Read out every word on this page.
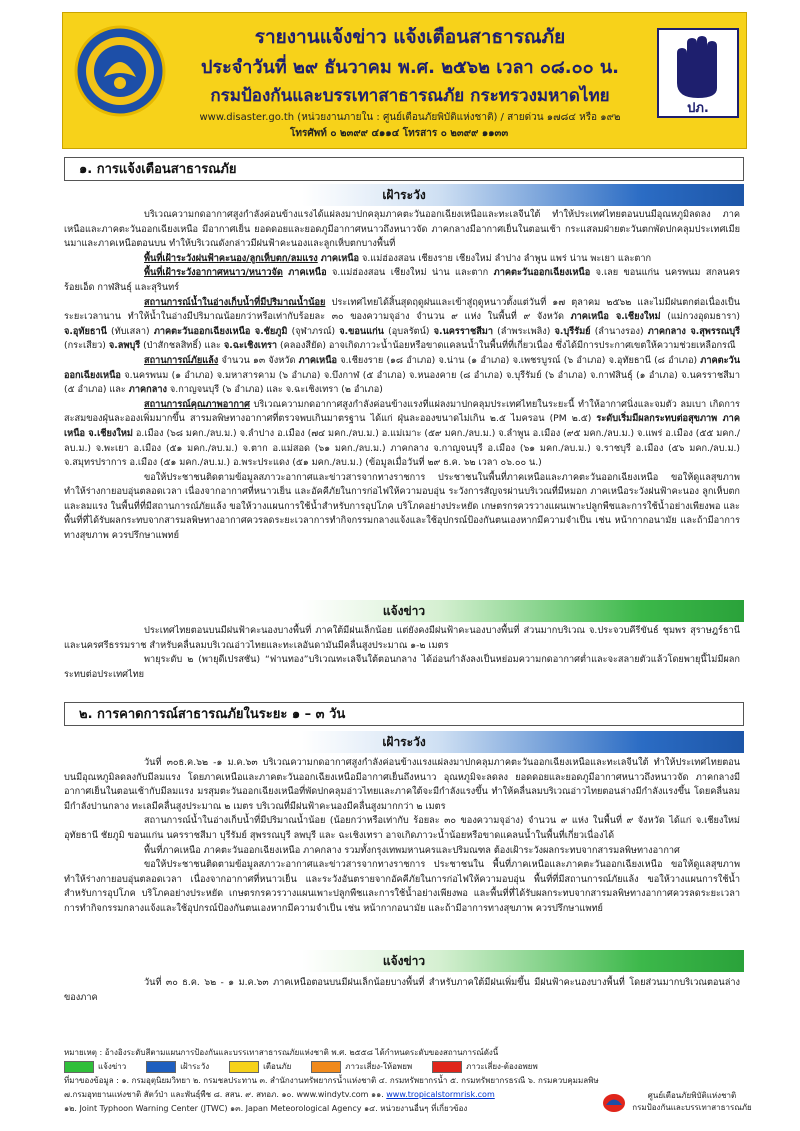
ปภ.
รายงานแจ้งข่าว แจ้งเตือนสาธารณภัย
ประจำวันที่ ๒๙ ธันวาคม พ.ศ. ๒๕๖๒ เวลา ๐๘.๐๐ น.
กรมป้องกันและบรรเทาสาธารณภัย กระทรวงมหาดไทย
www.disaster.go.th (หน่วยงานภายใน : ศูนย์เตือนภัยพิบัติแห่งชาติ) / สายด่วน ๑๗๘๔ หรือ ๑๙๒
โทรศัพท์ ๐ ๒๓๙๙ ๔๑๑๔ โทรสาร ๐ ๒๓๙๙ ๑๑๓๓
๑. การแจ้งเตือนสาธารณภัย
เฝ้าระวัง

บริเวณความกดอากาศสูงกำลังค่อนข้างแรงได้แผ่ลงมาปกคลุมภาคตะวันออกเฉียงเหนือและทะเลจีนใต้ ทำให้ประเทศไทยตอนบนมีอุณหภูมิลดลง ภาคเหนือและภาคตะวันออกเฉียงเหนือ มีอากาศเย็น ยอดดอยและยอดภูมีอากาศหนาวถึงหนาวจัด ภาคกลางมีอากาศเย็นในตอนเช้า กระแสลมฝ่ายตะวันตกพัดปกคลุมประเทศเมียนมาและภาคเหนือตอนบน ทำให้บริเวณดังกล่าวมีฝนฟ้าคะนองและลูกเห็บตกบางพื้นที่

พื้นที่เฝ้าระวังฝนฟ้าคะนอง/ลูกเห็บตก/ลมแรง ภาคเหนือ จ.แม่ฮ่องสอน เชียงราย เชียงใหม่ ลำปาง ลำพูน แพร่ น่าน พะเยา และตาก

พื้นที่เฝ้าระวังอากาศหนาว/หนาวจัด ภาคเหนือ จ.แม่ฮ่องสอน เชียงใหม่ น่าน และตาก ภาคตะวันออกเฉียงเหนือ จ.เลย ขอนแก่น นครพนม สกลนคร ร้อยเอ็ด กาฬสินธุ์ และสุรินทร์

สถานการณ์น้ำในอ่างเก็บน้ำที่มีปริมาณน้ำน้อย ประเทศไทยได้สิ้นสุดฤดูฝนและเข้าสู่ฤดูหนาวตั้งแต่วันที่ ๑๗ ตุลาคม ๒๕๖๒ และไม่มีฝนตกต่อเนื่องเป็นระยะเวลานาน ทำให้น้ำในอ่างมีปริมาณน้อยกว่าหรือเท่ากับร้อยละ ๓๐ ของความจุอ่าง จำนวน ๙ แห่ง ในพื้นที่ ๙ จังหวัด ภาคเหนือ จ.เชียงใหม่ (แม่กวงอุดมธารา) จ.อุทัยธานี (ทับเสลา) ภาคตะวันออกเฉียงเหนือ จ.ชัยภูมิ (จุฬาภรณ์) จ.ขอนแก่น (อุบลรัตน์) จ.นครราชสีมา (ลำพระเพลิง) จ.บุรีรัมย์ (ลำนางรอง) ภาคกลาง จ.สุพรรณบุรี (กระเสียว) จ.ลพบุรี (ป่าสักชลสิทธิ์) และ จ.ฉะเชิงเทรา (คลองสียัด) อาจเกิดภาวะน้ำน้อยหรือขาดแคลนน้ำในพื้นที่ที่เกี่ยวเนื่อง ซึ่งได้มีการประกาศเขตให้ความช่วยเหลือกรณี

สถานการณ์ภัยแล้ง จำนวน ๑๓ จังหวัด ภาคเหนือ จ.เชียงราย (๑๘ อำเภอ) จ.น่าน (๑ อำเภอ) จ.เพชรบูรณ์ (๖ อำเภอ) จ.อุทัยธานี (๘ อำเภอ) ภาคตะวันออกเฉียงเหนือ จ.นครพนม (๑ อำเภอ) จ.มหาสารคาม (๖ อำเภอ) จ.บึงกาฬ (๕ อำเภอ) จ.หนองคาย (๘ อำเภอ) จ.บุรีรัมย์ (๖ อำเภอ) จ.กาฬสินธุ์ (๑ อำเภอ) จ.นครราชสีมา (๕ อำเภอ) และ ภาคกลาง จ.กาญจนบุรี (๖ อำเภอ) และ จ.ฉะเชิงเทรา (๒ อำเภอ)

สถานการณ์คุณภาพอากาศ บริเวณความกดอากาศสูงกำลังค่อนข้างแรงที่แผ่ลงมาปกคลุมประเทศไทยในระยะนี้ ทำให้อากาศนิ่งและจมตัว ลมเบา เกิดการสะสมของฝุ่นละอองเพิ่มมากขึ้น สารมลพิษทางอากาศที่ตรวจพบเกินมาตรฐาน ได้แก่ ฝุ่นละอองขนาดไม่เกิน ๒.๕ ไมครอน (PM ๒.๕) ระดับเริ่มมีผลกระทบต่อสุขภาพ ภาคเหนือ จ.เชียงใหม่ อ.เมือง (๖๘ มคก./ลบ.ม.) จ.ลำปาง อ.เมือง (๗๔ มคก./ลบ.ม.) อ.แม่เมาะ (๕๙ มคก./ลบ.ม.) จ.ลำพูน อ.เมือง (๙๕ มคก./ลบ.ม.) จ.แพร่ อ.เมือง (๕๕ มคก./ลบ.ม.) จ.พะเยา อ.เมือง (๕๑ มคก./ลบ.ม.) จ.ตาก อ.แม่สอด (๖๑ มคก./ลบ.ม.) ภาคกลาง จ.กาญจนบุรี อ.เมือง (๖๑ มคก./ลบ.ม.) จ.ราชบุรี อ.เมือง (๕๖ มคก./ลบ.ม.) จ.สมุทรปราการ อ.เมือง (๕๑ มคก./ลบ.ม.) อ.พระประแดง (๕๑ มคก./ลบ.ม.) (ข้อมูลเมื่อวันที่ ๒๙ ธ.ค. ๖๒ เวลา ๐๖.๐๐ น.)

ขอให้ประชาชนติดตามข้อมูลสภาวะอากาศและข่าวสารจากทางราชการ ประชาชนในพื้นที่ภาคเหนือและภาคตะวันออกเฉียงเหนือ ขอให้ดูแลสุขภาพ ทำให้ร่างกายอบอุ่นตลอดเวลา เนื่องจากอากาศที่หนาวเย็น และอัคคีภัยในการก่อไฟให้ความอบอุ่น ระวังการสัญจรผ่านบริเวณที่มีหมอก ภาคเหนือระวังฝนฟ้าคะนอง ลูกเห็บตกและลมแรง ในพื้นที่ที่มีสถานการณ์ภัยแล้ง ขอให้วางแผนการใช้น้ำสำหรับการอุปโภค บริโภคอย่างประหยัด เกษตรกรควรวางแผนเพาะปลูกพืชและการใช้น้ำอย่างเพียงพอ และพื้นที่ที่ได้รับผลกระทบจากสารมลพิษทางอากาศควรลดระยะเวลาการทำกิจกรรมกลางแจ้งและใช้อุปกรณ์ป้องกันตนเองหากมีความจำเป็น เช่น หน้ากากอนามัย และถ้ามีอาการทางสุขภาพ ควรปรึกษาแพทย์

แจ้งข่าว

ประเทศไทยตอนบนมีฝนฟ้าคะนองบางพื้นที่ ภาคใต้มีฝนเล็กน้อย แต่ยังคงมีฝนฟ้าคะนองบางพื้นที่ ส่วนมากบริเวณ จ.ประจวบคีรีขันธ์ ชุมพร สุราษฎร์ธานี และนครศรีธรรมราช สำหรับคลื่นลมบริเวณอ่าวไทยและทะเลอันดามันมีคลื่นสูงประมาณ ๑-๒ เมตร

พายุระดับ ๒ (พายุดีเปรสชัน) “ฟานทอง”บริเวณทะเลจีนใต้ตอนกลาง ได้อ่อนกำลังลงเป็นหย่อมความกดอากาศต่ำและจะสลายตัวแล้วโดยพายุนี้ไม่มีผลกระทบต่อประเทศไทย

๒. การคาดการณ์สาธารณภัยในระยะ ๑ – ๓ วัน
เฝ้าระวัง

วันที่ ๓๐ธ.ค.๖๒ -๑ ม.ค.๖๓ บริเวณความกดอากาศสูงกำลังค่อนข้างแรงแผ่ลงมาปกคลุมภาคตะวันออกเฉียงเหนือและทะเลจีนใต้ ทำให้ประเทศไทยตอนบนมีอุณหภูมิลดลงกับมีลมแรง โดยภาคเหนือและภาคตะวันออกเฉียงเหนือมีอากาศเย็นถึงหนาว อุณหภูมิจะลดลง ยอดดอยและยอดภูมีอากาศหนาวถึงหนาวจัด ภาคกลางมีอากาศเย็นในตอนเช้ากับมีลมแรง มรสุมตะวันออกเฉียงเหนือที่พัดปกคลุมอ่าวไทยและภาคใต้จะมีกำลังแรงขึ้น ทำให้คลื่นลมบริเวณอ่าวไทยตอนล่างมีกำลังแรงขึ้น โดยคลื่นลมมีกำลังปานกลาง ทะเลมีคลื่นสูงประมาณ ๒ เมตร บริเวณที่มีฝนฟ้าคะนองมีคลื่นสูงมากกว่า ๒ เมตร

สถานการณ์น้ำในอ่างเก็บน้ำที่มีปริมาณน้ำน้อย (น้อยกว่าหรือเท่ากับ ร้อยละ ๓๐ ของความจุอ่าง) จำนวน ๙ แห่ง ในพื้นที่ ๙ จังหวัด ได้แก่ จ.เชียงใหม่ อุทัยธานี ชัยภูมิ ขอนแก่น นครราชสีมา บุรีรัมย์ สุพรรณบุรี ลพบุรี และ ฉะเชิงเทรา อาจเกิดภาวะน้ำน้อยหรือขาดแคลนน้ำในพื้นที่เกี่ยวเนื่องได้

พื้นที่ภาคเหนือ ภาคตะวันออกเฉียงเหนือ ภาคกลาง รวมทั้งกรุงเทพมหานครและปริมณฑล ต้องเฝ้าระวังผลกระทบจากสารมลพิษทางอากาศ

ขอให้ประชาชนติดตามข้อมูลสภาวะอากาศและข่าวสารจากทางราชการ ประชาชนใน พื้นที่ภาคเหนือและภาคตะวันออกเฉียงเหนือ ขอให้ดูแลสุขภาพ ทำให้ร่างกายอบอุ่นตลอดเวลา เนื่องจากอากาศที่หนาวเย็น และระวังอันตรายจากอัคคีภัยในการก่อไฟให้ความอบอุ่น พื้นที่ที่มีสถานการณ์ภัยแล้ง ขอให้วางแผนการใช้น้ำสำหรับการอุปโภค บริโภคอย่างประหยัด เกษตรกรควรวางแผนเพาะปลูกพืชและการใช้น้ำอย่างเพียงพอ และพื้นที่ที่ได้รับผลกระทบจากสารมลพิษทางอากาศควรลดระยะเวลาการทำกิจกรรมกลางแจ้งและใช้อุปกรณ์ป้องกันตนเองหากมีความจำเป็น เช่น หน้ากากอนามัย และถ้ามีอาการทางสุขภาพ ควรปรึกษาแพทย์

แจ้งข่าว

วันที่ ๓๐ ธ.ค. ๖๒ - ๑ ม.ค.๖๓ ภาคเหนือตอนบนมีฝนเล็กน้อยบางพื้นที่ สำหรับภาคใต้มีฝนเพิ่มขึ้น มีฝนฟ้าคะนองบางพื้นที่ โดยส่วนมากบริเวณตอนล่างของภาค

หมายเหตุ : อ้างอิงระดับสีตามแผนการป้องกันและบรรเทาสาธารณภัยแห่งชาติ พ.ศ. ๒๕๕๘ ได้กำหนดระดับของสถานการณ์ดังนี้
แจ้งข่าว	เฝ้าระวัง	เตือนภัย	ภาวะเสี่ยง-ให้อพยพ	ภาวะเสี่ยง-ต้องอพยพ
ที่มาของข้อมูล : ๑. กรมอุตุนิยมวิทยา ๒. กรมชลประทาน ๓. สำนักงานทรัพยากรน้ำแห่งชาติ ๔. กรมทรัพยากรน้ำ ๕. กรมทรัพยากรธรณี ๖. กรมควบคุมมลพิษ
๗.กรมอุทยานแห่งชาติ สัตว์ป่า และพันธุ์พืช ๘. สสน. ๙. สทอภ. ๑๐. www.windytv.com ๑๑. www.tropicalstormrisk.com
๑๒. Joint Typhoon Warning Center (JTWC) ๑๓. Japan Meteorological Agency ๑๔. หน่วยงานอื่นๆ ที่เกี่ยวข้อง
ศูนย์เตือนภัยพิบัติแห่งชาติ
กรมป้องกันและบรรเทาสาธารณภัย
